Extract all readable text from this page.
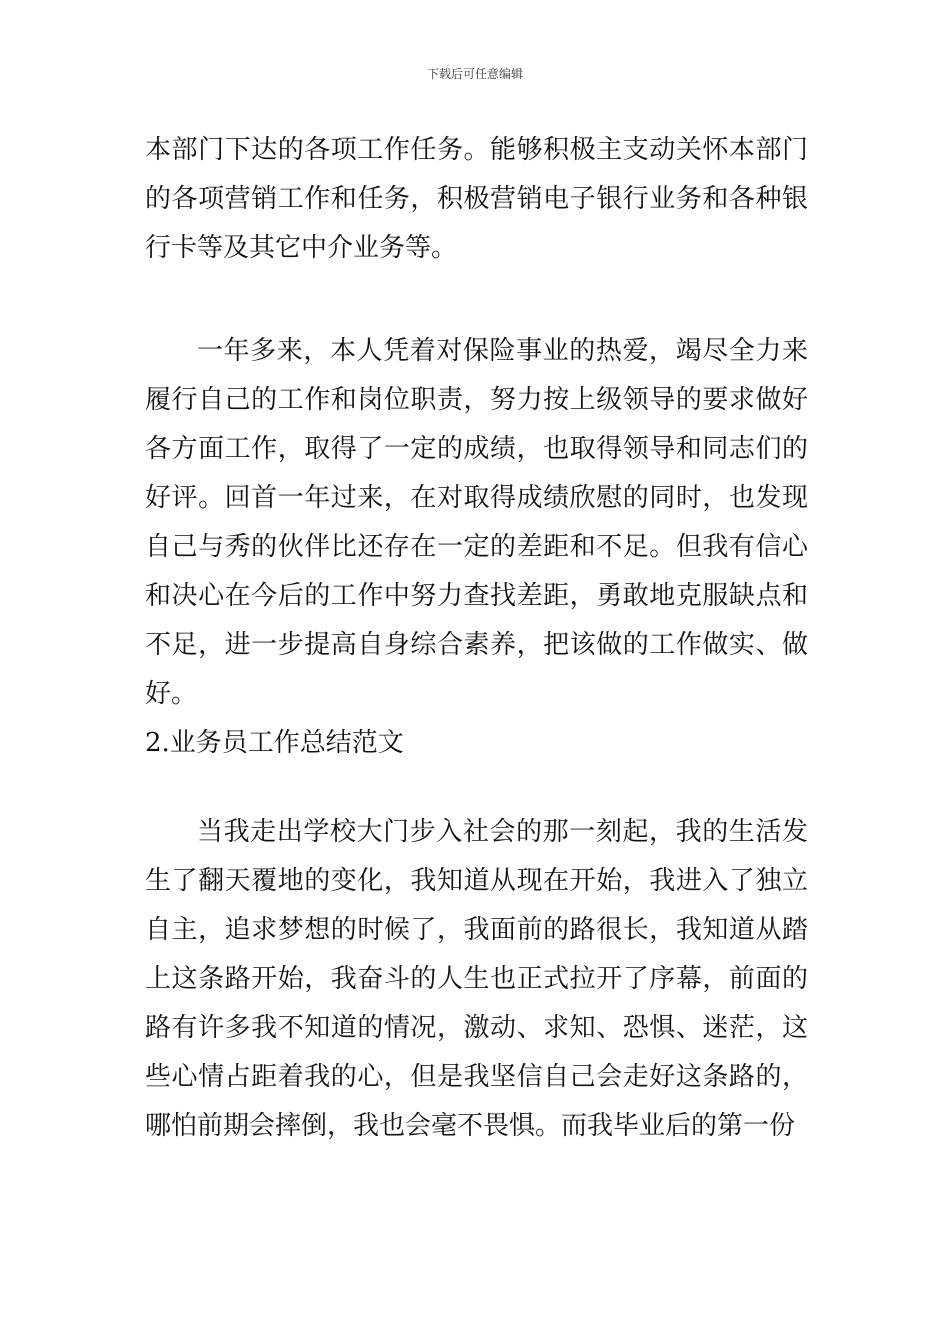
下载后可任意编辑

本部门下达的各项工作任务。能够积极主支动关怀本部门的各项营销工作和任务，积极营销电子银行业务和各种银行卡等及其它中介业务等。

一年多来，本人凭着对保险事业的热爱，竭尽全力来履行自己的工作和岗位职责，努力按上级领导的要求做好各方面工作，取得了一定的成绩，也取得领导和同志们的好评。回首一年过来，在对取得成绩欣慰的同时，也发现自己与秀的伙伴比还存在一定的差距和不足。但我有信心和决心在今后的工作中努力查找差距，勇敢地克服缺点和不足，进一步提高自身综合素养，把该做的工作做实、做好。

2.业务员工作总结范文

当我走出学校大门步入社会的那一刻起，我的生活发生了翻天覆地的变化，我知道从现在开始，我进入了独立自主，追求梦想的时候了，我面前的路很长，我知道从踏上这条路开始，我奋斗的人生也正式拉开了序幕，前面的路有许多我不知道的情况，激动、求知、恐惧、迷茫，这些心情占距着我的心，但是我坚信自己会走好这条路的，哪怕前期会摔倒，我也会毫不畏惧。而我毕业后的第一份
